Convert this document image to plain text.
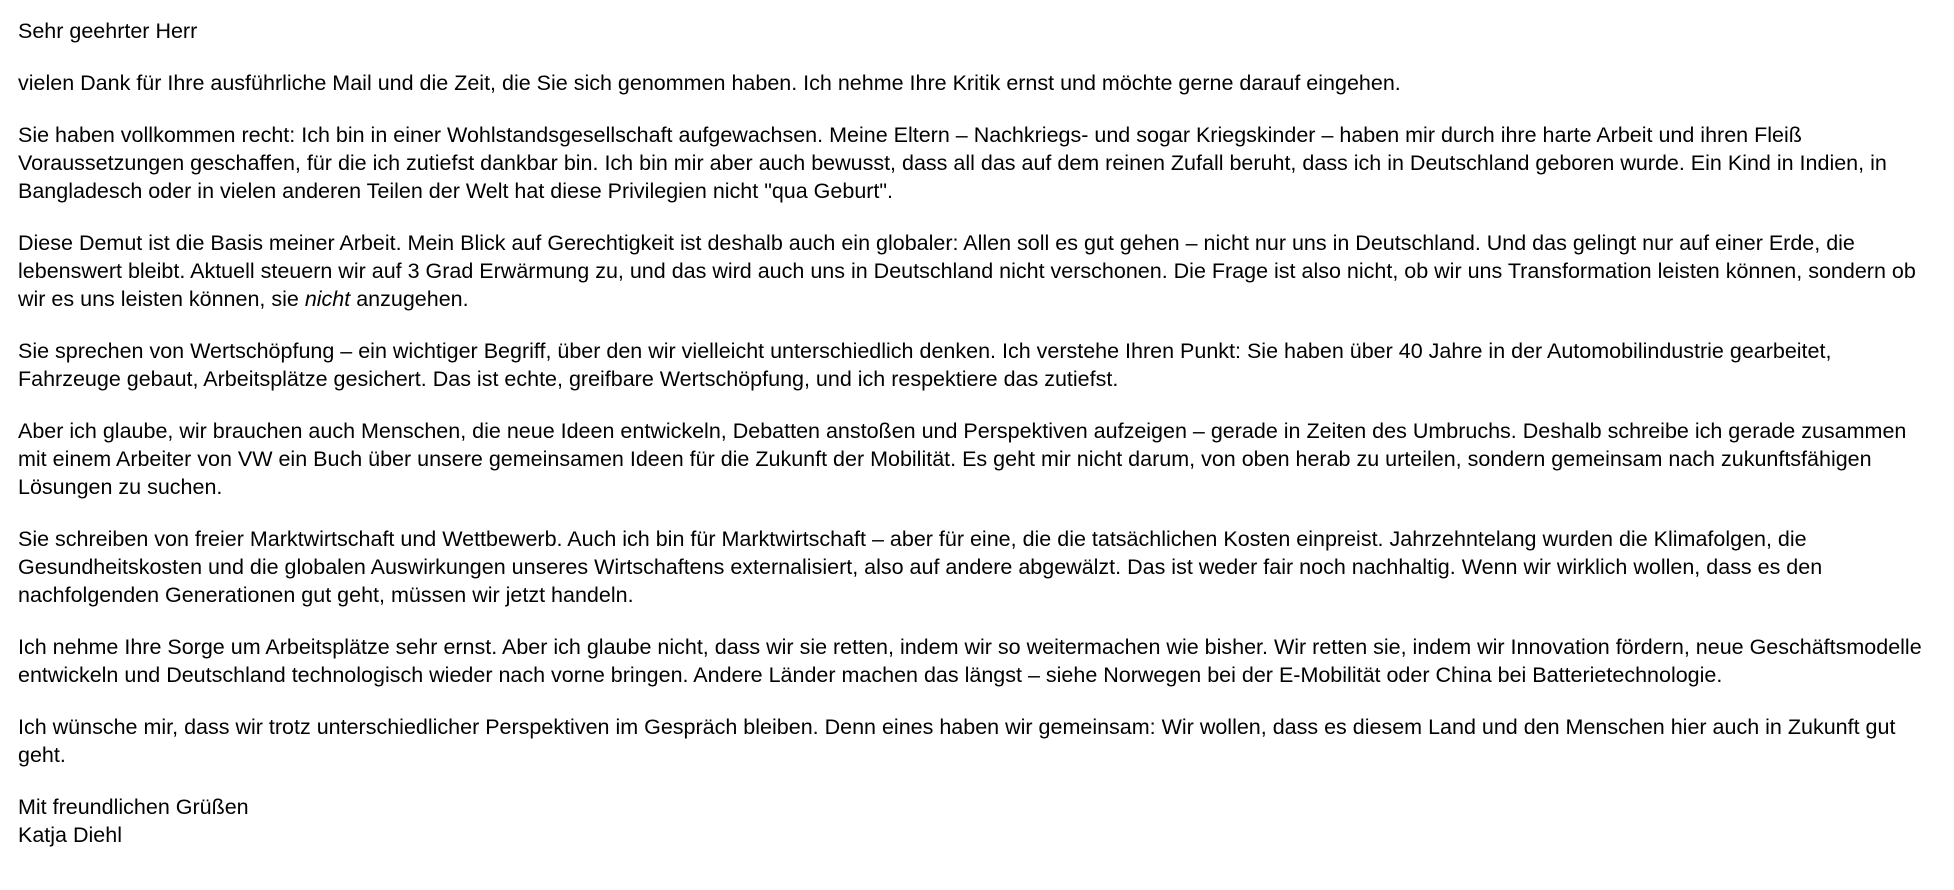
Sehr geehrter Herr

vielen Dank für Ihre ausführliche Mail und die Zeit, die Sie sich genommen haben. Ich nehme Ihre Kritik ernst und möchte gerne darauf eingehen.

Sie haben vollkommen recht: Ich bin in einer Wohlstandsgesellschaft aufgewachsen. Meine Eltern – Nachkriegs- und sogar Kriegskinder – haben mir durch ihre harte Arbeit und ihren Fleiß Voraussetzungen geschaffen, für die ich zutiefst dankbar bin. Ich bin mir aber auch bewusst, dass all das auf dem reinen Zufall beruht, dass ich in Deutschland geboren wurde. Ein Kind in Indien, in Bangladesch oder in vielen anderen Teilen der Welt hat diese Privilegien nicht "qua Geburt".

Diese Demut ist die Basis meiner Arbeit. Mein Blick auf Gerechtigkeit ist deshalb auch ein globaler: Allen soll es gut gehen – nicht nur uns in Deutschland. Und das gelingt nur auf einer Erde, die lebenswert bleibt. Aktuell steuern wir auf 3 Grad Erwärmung zu, und das wird auch uns in Deutschland nicht verschonen. Die Frage ist also nicht, ob wir uns Transformation leisten können, sondern ob wir es uns leisten können, sie nicht anzugehen.

Sie sprechen von Wertschöpfung – ein wichtiger Begriff, über den wir vielleicht unterschiedlich denken. Ich verstehe Ihren Punkt: Sie haben über 40 Jahre in der Automobilindustrie gearbeitet, Fahrzeuge gebaut, Arbeitsplätze gesichert. Das ist echte, greifbare Wertschöpfung, und ich respektiere das zutiefst.

Aber ich glaube, wir brauchen auch Menschen, die neue Ideen entwickeln, Debatten anstoßen und Perspektiven aufzeigen – gerade in Zeiten des Umbruchs. Deshalb schreibe ich gerade zusammen mit einem Arbeiter von VW ein Buch über unsere gemeinsamen Ideen für die Zukunft der Mobilität. Es geht mir nicht darum, von oben herab zu urteilen, sondern gemeinsam nach zukunftsfähigen Lösungen zu suchen.

Sie schreiben von freier Marktwirtschaft und Wettbewerb. Auch ich bin für Marktwirtschaft – aber für eine, die die tatsächlichen Kosten einpreist. Jahrzehntelang wurden die Klimafolgen, die Gesundheitskosten und die globalen Auswirkungen unseres Wirtschaftens externalisiert, also auf andere abgewälzt. Das ist weder fair noch nachhaltig. Wenn wir wirklich wollen, dass es den nachfolgenden Generationen gut geht, müssen wir jetzt handeln.

Ich nehme Ihre Sorge um Arbeitsplätze sehr ernst. Aber ich glaube nicht, dass wir sie retten, indem wir so weitermachen wie bisher. Wir retten sie, indem wir Innovation fördern, neue Geschäftsmodelle entwickeln und Deutschland technologisch wieder nach vorne bringen. Andere Länder machen das längst – siehe Norwegen bei der E-Mobilität oder China bei Batterietechnologie.

Ich wünsche mir, dass wir trotz unterschiedlicher Perspektiven im Gespräch bleiben. Denn eines haben wir gemeinsam: Wir wollen, dass es diesem Land und den Menschen hier auch in Zukunft gut geht.

Mit freundlichen Grüßen
Katja Diehl
